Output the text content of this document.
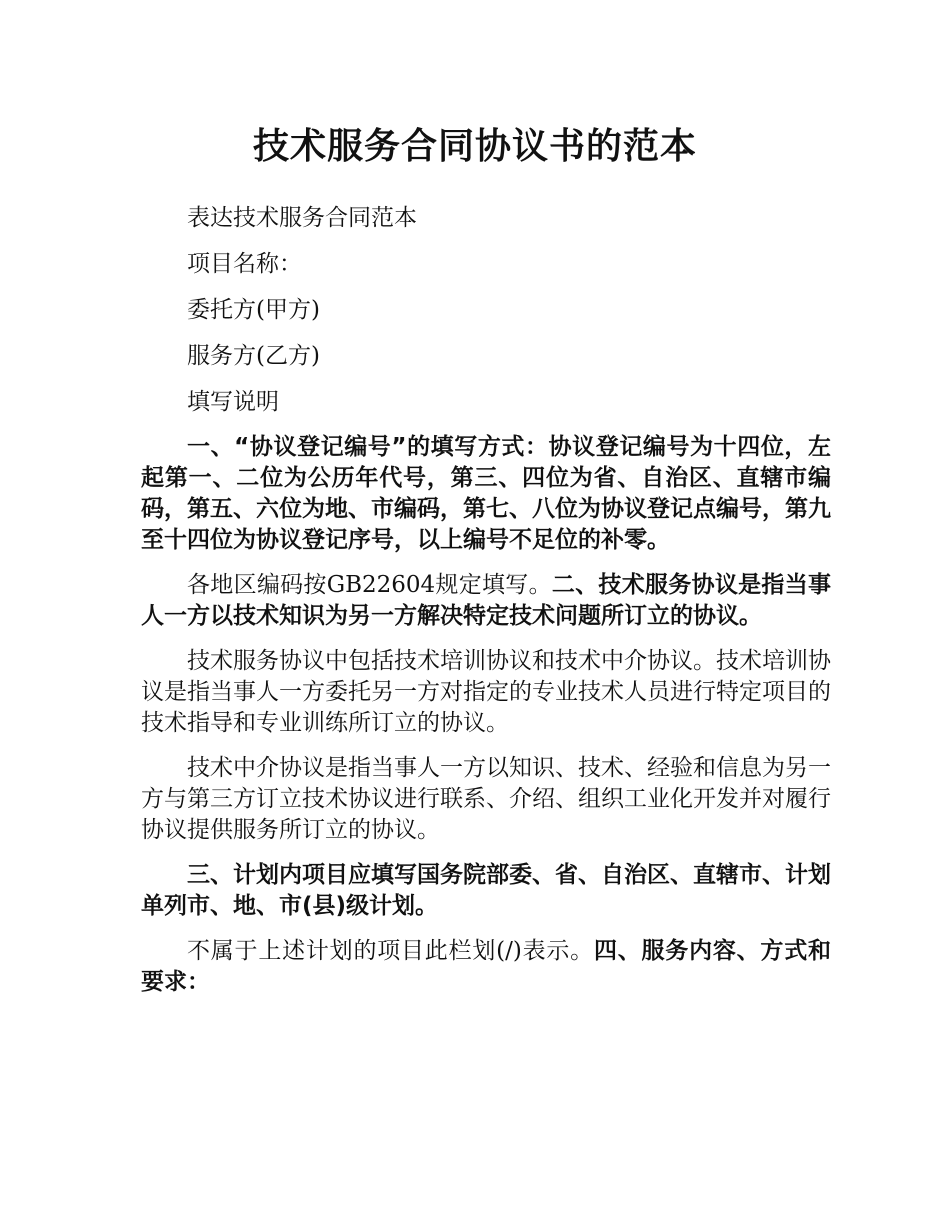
技术服务合同协议书的范本

表达技术服务合同范本

项目名称：

委托方(甲方)

服务方(乙方)

填写说明

一、“协议登记编号”的填写方式：协议登记编号为十四位，左起第一、二位为公历年代号，第三、四位为省、自治区、直辖市编码，第五、六位为地、市编码，第七、八位为协议登记点编号，第九至十四位为协议登记序号，以上编号不足位的补零。

各地区编码按GB22604规定填写。二、技术服务协议是指当事人一方以技术知识为另一方解决特定技术问题所订立的协议。

技术服务协议中包括技术培训协议和技术中介协议。技术培训协议是指当事人一方委托另一方对指定的专业技术人员进行特定项目的技术指导和专业训练所订立的协议。

技术中介协议是指当事人一方以知识、技术、经验和信息为另一方与第三方订立技术协议进行联系、介绍、组织工业化开发并对履行协议提供服务所订立的协议。

三、计划内项目应填写国务院部委、省、自治区、直辖市、计划单列市、地、市(县)级计划。

不属于上述计划的项目此栏划(/)表示。四、服务内容、方式和要求：
